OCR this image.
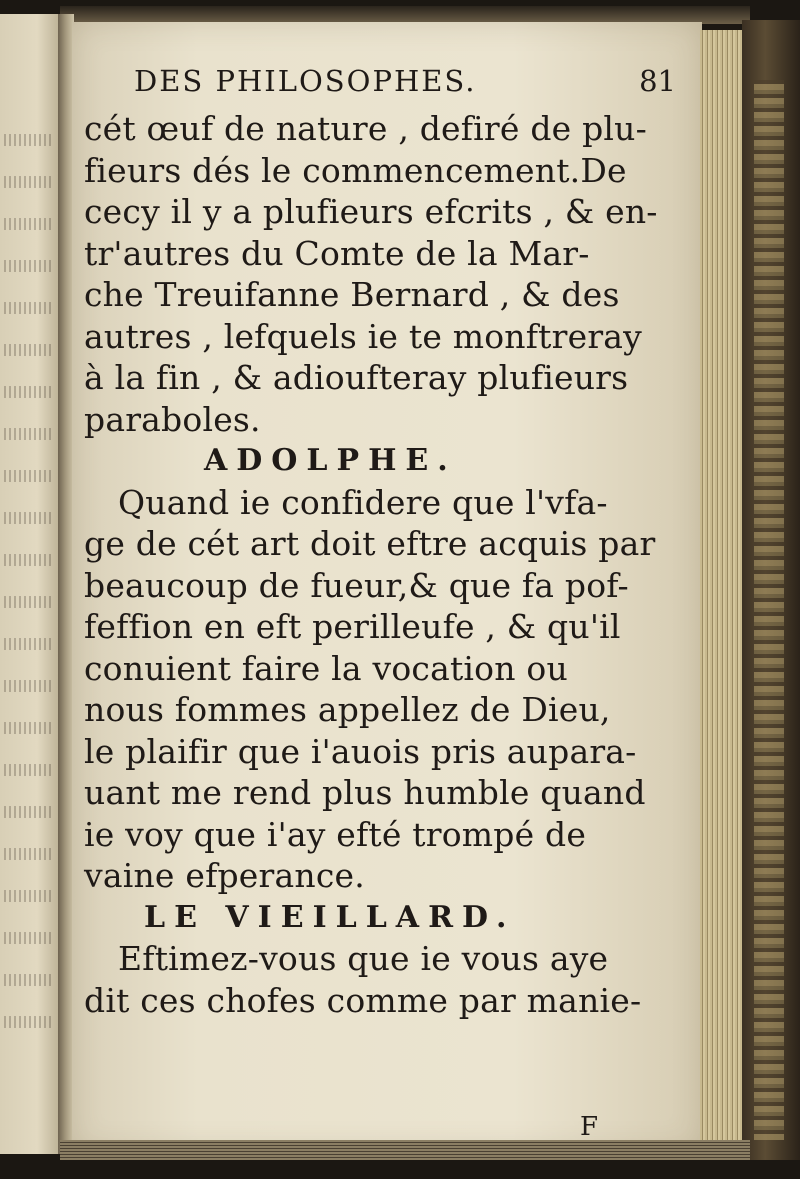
DES PHILOSOPHES.	81
cét œuf de nature , defiré de plu-
fieurs dés le commencement.De
cecy il y a plufieurs efcrits , & en-
tr'autres du Comte de la Mar-
che Treuifanne Bernard , & des
autres , lefquels ie te monftreray
à la fin , & adioufteray plufieurs
paraboles.
ADOLPHE.
Quand ie confidere que l'vfa-
ge de cét art doit eftre acquis par
beaucoup de fueur,& que fa pof-
feffion en eft perilleufe , & qu'il
conuient faire la vocation ou
nous fommes appellez de Dieu,
le plaifir que i'auois pris aupara-
uant me rend plus humble quand
ie voy que i'ay efté trompé de
vaine efperance.
LE VIEILLARD.
Eftimez-vous que ie vous aye
dit ces chofes comme par manie-
F
